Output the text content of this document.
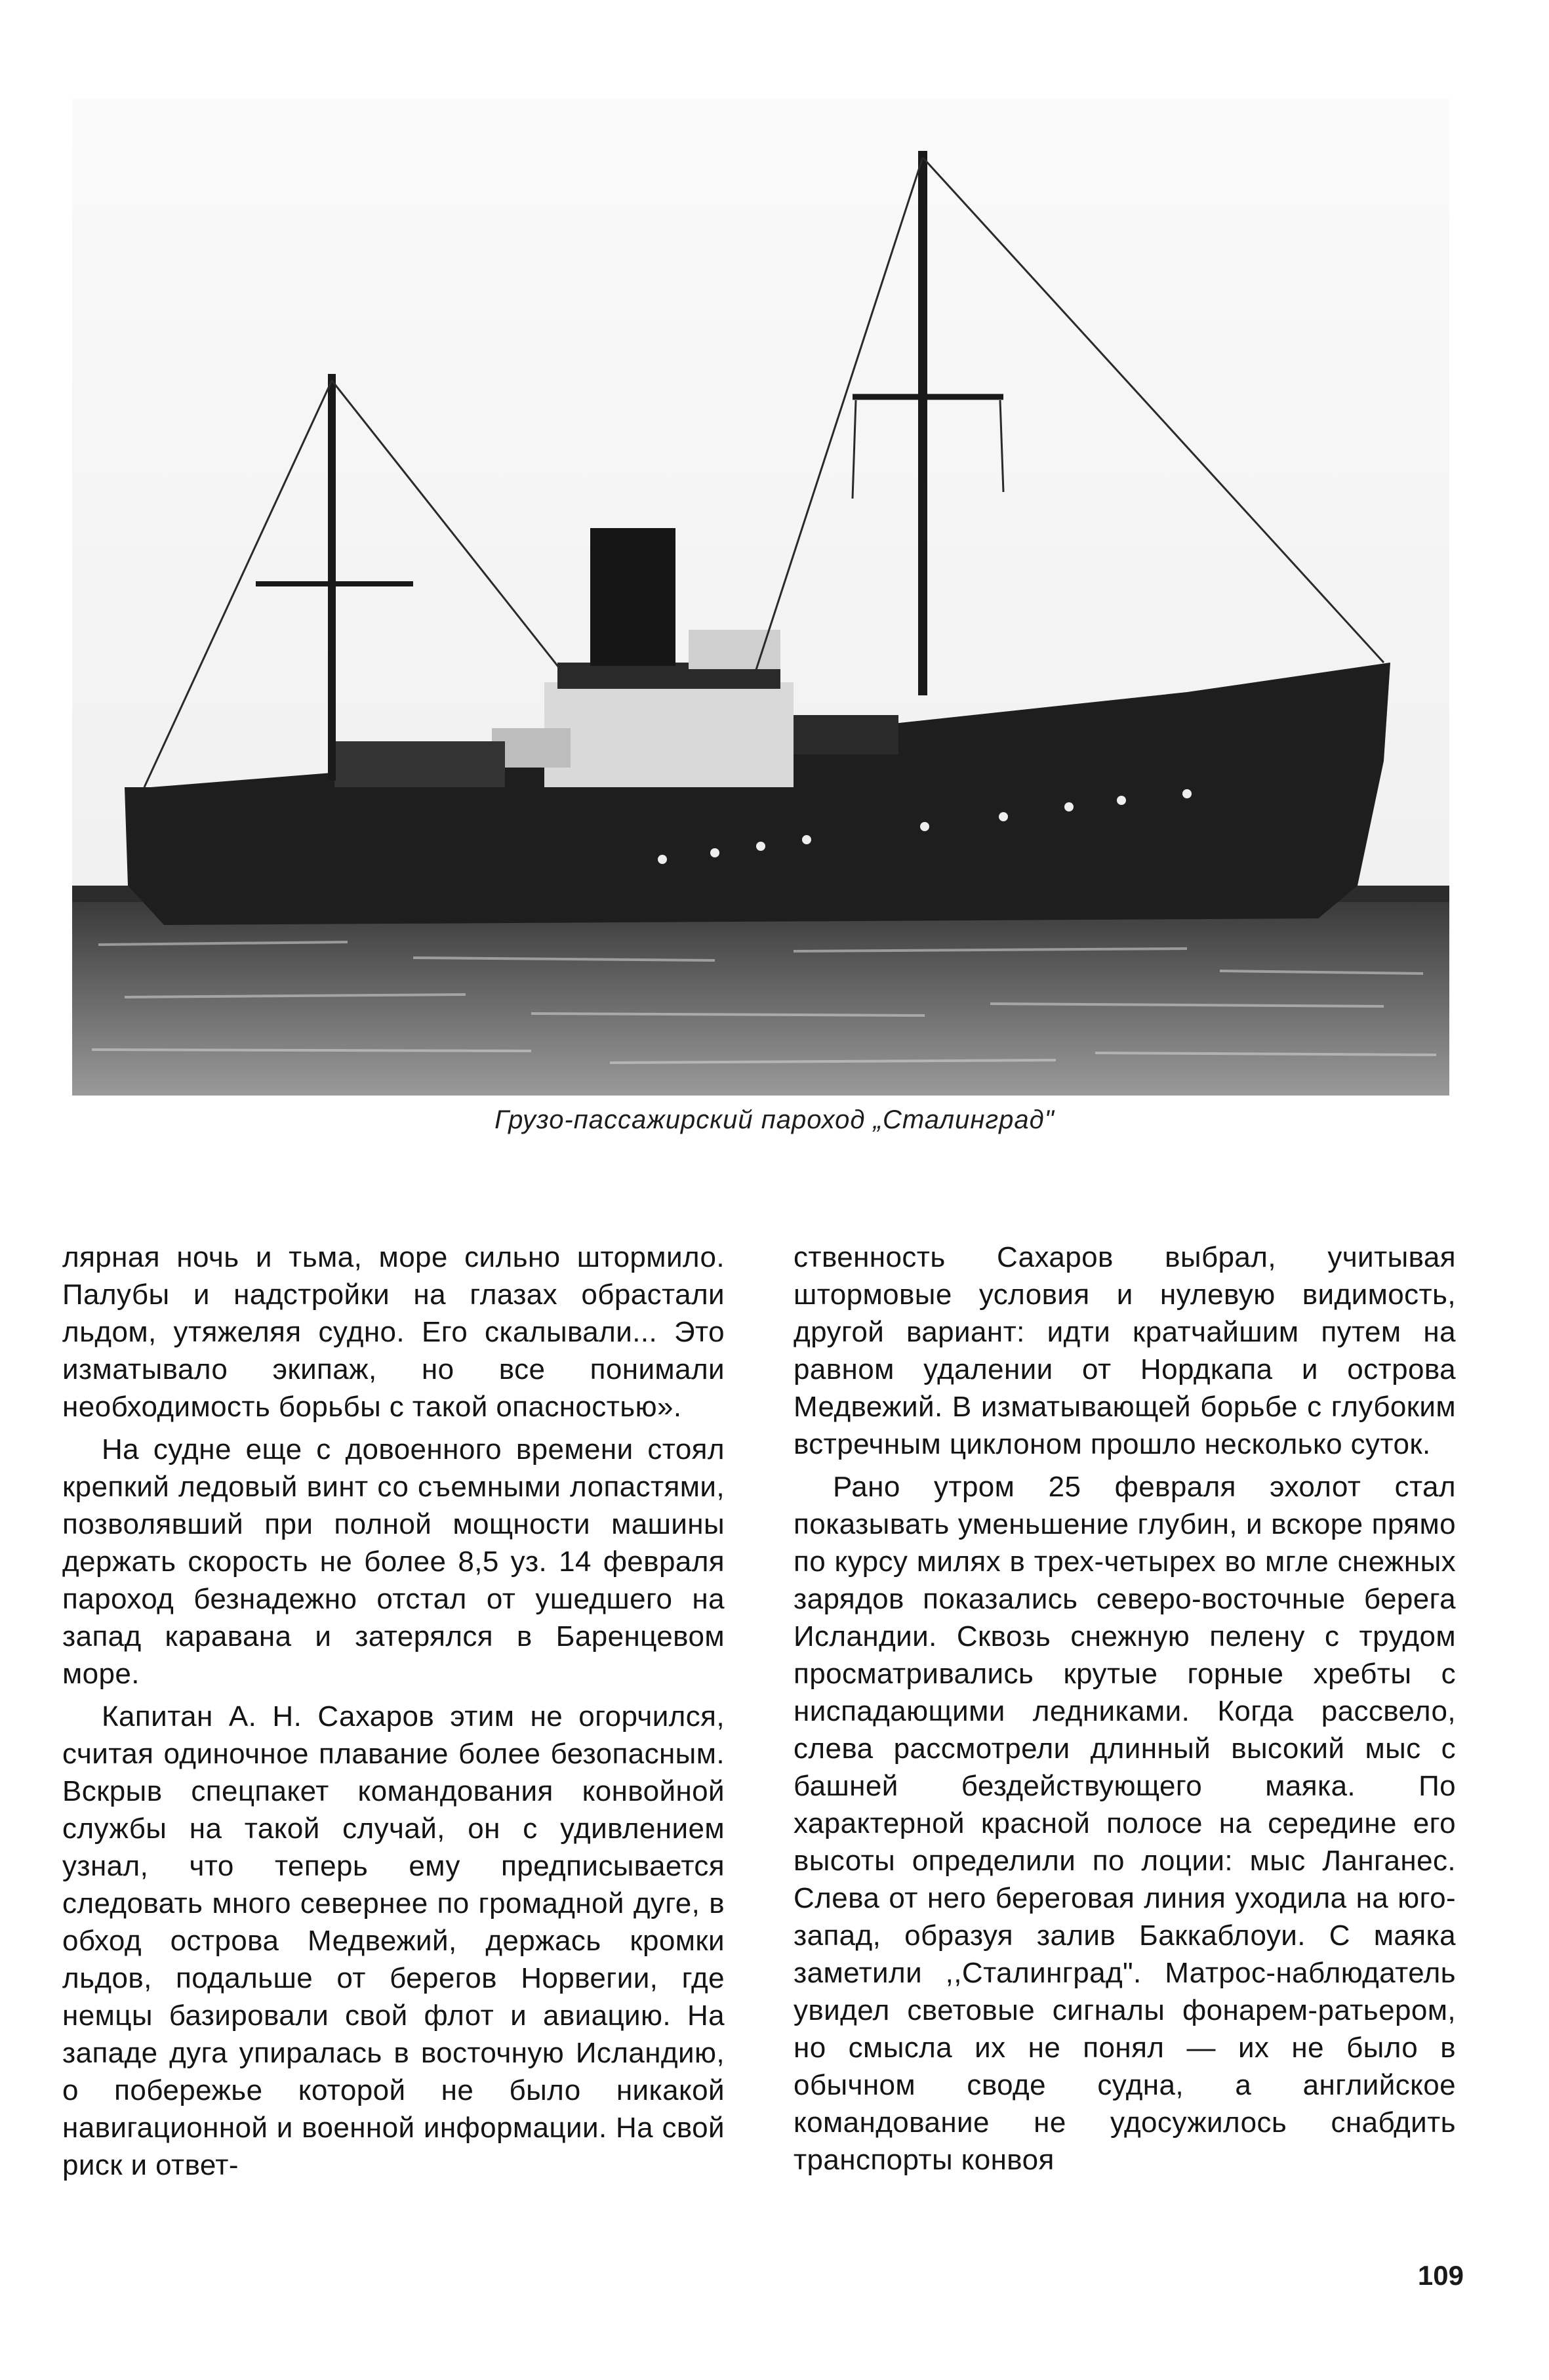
Грузо-пассажирский пароход „Сталинград"

лярная ночь и тьма, море сильно штормило. Палубы и надстройки на глазах обрастали льдом, утяжеляя судно. Его скалывали... Это изматывало экипаж, но все понимали необходимость борьбы с такой опасностью».

На судне еще с довоенного времени стоял крепкий ледовый винт со съемными лопастями, позволявший при полной мощности машины держать скорость не более 8,5 уз. 14 февраля пароход безнадежно отстал от ушедшего на запад каравана и затерялся в Баренцевом море.

Капитан А. Н. Сахаров этим не огорчился, считая одиночное плавание более безопасным. Вскрыв спецпакет командования конвойной службы на такой случай, он с удивлением узнал, что теперь ему предписывается следовать много севернее по громадной дуге, в обход острова Медвежий, держась кромки льдов, подальше от берегов Норвегии, где немцы базировали свой флот и авиацию. На западе дуга упиралась в восточную Исландию, о побережье которой не было никакой навигационной и военной информации. На свой риск и ответ-

ственность Сахаров выбрал, учитывая штормовые условия и нулевую видимость, другой вариант: идти кратчайшим путем на равном удалении от Нордкапа и острова Медвежий. В изматывающей борьбе с глубоким встречным циклоном прошло несколько суток.

Рано утром 25 февраля эхолот стал показывать уменьшение глубин, и вскоре прямо по курсу милях в трех-четырех во мгле снежных зарядов показались северо-восточные берега Исландии. Сквозь снежную пелену с трудом просматривались крутые горные хребты с ниспадающими ледниками. Когда рассвело, слева рассмотрели длинный высокий мыс с башней бездействующего маяка. По характерной красной полосе на середине его высоты определили по лоции: мыс Ланганес. Слева от него береговая линия уходила на юго-запад, образуя залив Баккаблоуи. С маяка заметили ,,Сталинград". Матрос-наблюдатель увидел световые сигналы фонарем-ратьером, но смысла их не понял — их не было в обычном своде судна, а английское командование не удосужилось снабдить транспорты конвоя

109
